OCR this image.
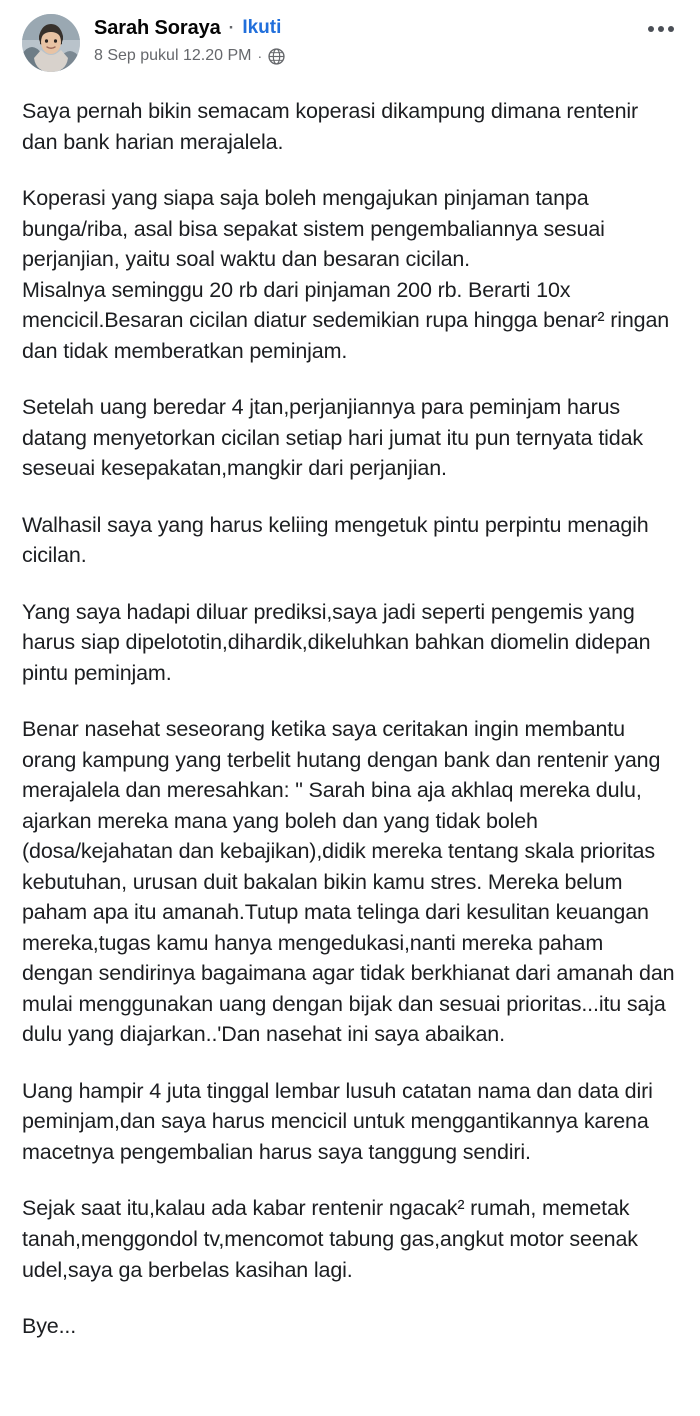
Sarah Soraya · Ikuti
8 Sep pukul 12.20 PM ·

Saya pernah bikin semacam koperasi dikampung dimana rentenir dan bank harian merajalela.

Koperasi yang siapa saja boleh mengajukan pinjaman tanpa bunga/riba, asal bisa sepakat sistem pengembaliannya sesuai perjanjian, yaitu soal waktu dan besaran cicilan.

Misalnya seminggu 20 rb dari pinjaman 200 rb. Berarti 10x mencicil.Besaran cicilan diatur sedemikian rupa hingga benar² ringan dan tidak memberatkan peminjam.

Setelah uang beredar 4 jtan,perjanjiannya para peminjam harus datang menyetorkan cicilan setiap hari jumat itu pun ternyata tidak seseuai kesepakatan,mangkir dari perjanjian.

Walhasil saya yang harus keliing mengetuk pintu perpintu menagih cicilan.

Yang saya hadapi diluar prediksi,saya jadi seperti pengemis yang harus siap dipelototin,dihardik,dikeluhkan bahkan diomelin didepan pintu peminjam.

Benar nasehat seseorang ketika saya ceritakan ingin membantu orang kampung yang terbelit hutang dengan bank dan rentenir yang merajalela dan meresahkan: " Sarah bina aja akhlaq mereka dulu, ajarkan mereka mana yang boleh dan yang tidak boleh (dosa/kejahatan dan kebajikan),didik mereka tentang skala prioritas kebutuhan, urusan duit bakalan bikin kamu stres. Mereka belum paham apa itu amanah.Tutup mata telinga dari kesulitan keuangan mereka,tugas kamu hanya mengedukasi,nanti mereka paham dengan sendirinya bagaimana agar tidak berkhianat dari amanah dan mulai menggunakan uang dengan bijak dan sesuai prioritas...itu saja dulu yang diajarkan..'Dan nasehat ini saya abaikan.

Uang hampir 4 juta tinggal lembar lusuh catatan nama dan data diri peminjam,dan saya harus mencicil untuk menggantikannya karena macetnya pengembalian harus saya tanggung sendiri.

Sejak saat itu,kalau ada kabar rentenir ngacak² rumah, memetak tanah,menggondol tv,mencomot tabung gas,angkut motor seenak udel,saya ga berbelas kasihan lagi.

Bye...
